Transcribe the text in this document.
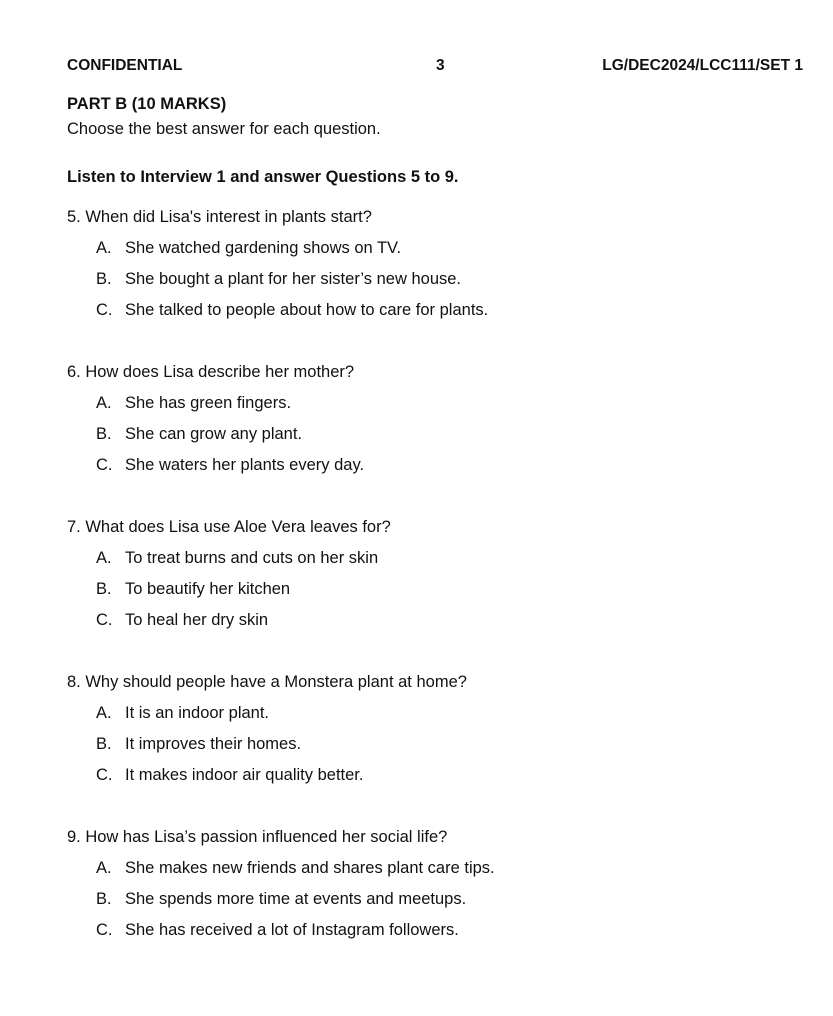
CONFIDENTIAL	3	LG/DEC2024/LCC111/SET 1
PART B (10 MARKS)
Choose the best answer for each question.
Listen to Interview 1 and answer Questions 5 to 9.
5. When did Lisa's interest in plants start?
A. She watched gardening shows on TV.
B. She bought a plant for her sister’s new house.
C. She talked to people about how to care for plants.
6. How does Lisa describe her mother?
A. She has green fingers.
B. She can grow any plant.
C. She waters her plants every day.
7. What does Lisa use Aloe Vera leaves for?
A. To treat burns and cuts on her skin
B. To beautify her kitchen
C. To heal her dry skin
8. Why should people have a Monstera plant at home?
A. It is an indoor plant.
B. It improves their homes.
C. It makes indoor air quality better.
9. How has Lisa’s passion influenced her social life?
A. She makes new friends and shares plant care tips.
B. She spends more time at events and meetups.
C. She has received a lot of Instagram followers.
